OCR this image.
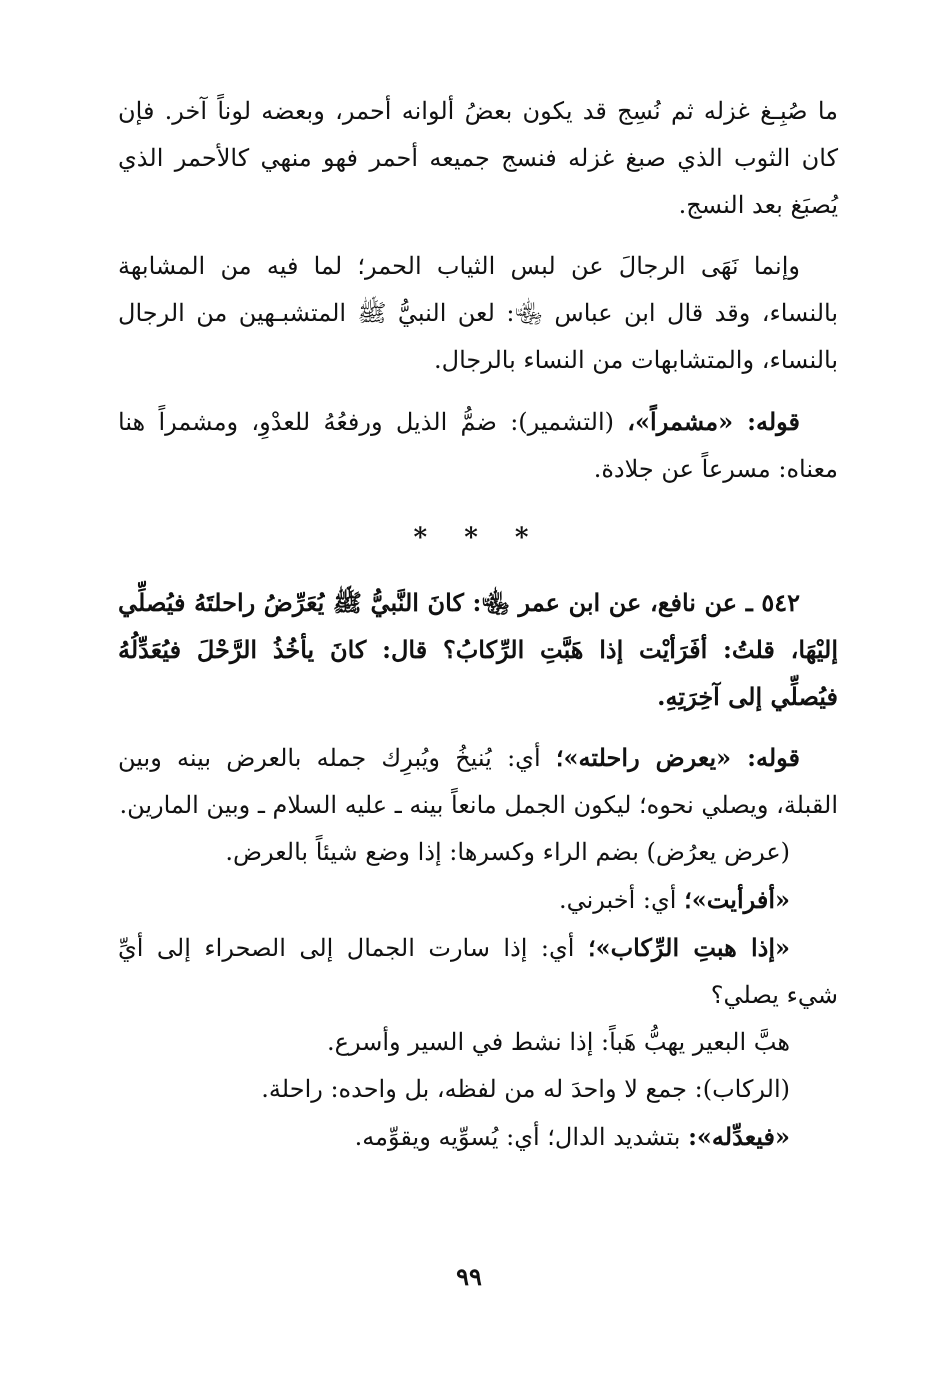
ما صُبِـغ غزله ثم نُسِج قد يكون بعضُ ألوانه أحمر، وبعضه لوناً آخر. فإن كان الثوب الذي صبغ غزله فنسج جميعه أحمر فهو منهي كالأحمر الذي يُصبَغ بعد النسج.

وإنما نَهَى الرجالَ عن لبس الثياب الحمر؛ لما فيه من المشابهة بالنساء، وقد قال ابن عباس ﵄: لعن النبيُّ ﷺ المتشبـهين من الرجال بالنساء، والمتشابهات من النساء بالرجال.

قوله: «مشمراً»، (التشمير): ضمُّ الذيل ورفعُهُ للعدْوِ، ومشمراً هنا معناه: مسرعاً عن جلادة.

* * *

٥٤٢ ـ عن نافع، عن ابن عمر ﵄: كانَ النَّبيُّ ﷺ يُعَرِّضُ راحلتَهُ فيُصلِّي إليْهَا، قلتُ: أفَرَأيْت إذا هَبَّتِ الرِّكابُ؟ قال: كانَ يأخُذُ الرَّحْلَ فيُعَدِّلُهُ فيُصلِّي إلى آخِرَتِهِ.

قوله: «يعرض راحلته»؛ أي: يُنيخُ ويُبرِك جمله بالعرض بينه وبين القبلة، ويصلي نحوه؛ ليكون الجمل مانعاً بينه ـ عليه السلام ـ وبين المارين.

(عرض يعرُض) بضم الراء وكسرها: إذا وضع شيئاً بالعرض.

«أفرأيت»؛ أي: أخبرني.

«إذا هبتِ الرِّكاب»؛ أي: إذا سارت الجمال إلى الصحراء إلى أيِّ شيء يصلي؟

هبَّ البعير يهبُّ هَباً: إذا نشط في السير وأسرع.

(الركاب): جمع لا واحدَ له من لفظه، بل واحده: راحلة.

«فيعدِّله»: بتشديد الدال؛ أي: يُسوِّيه ويقوِّمه.

٩٩
